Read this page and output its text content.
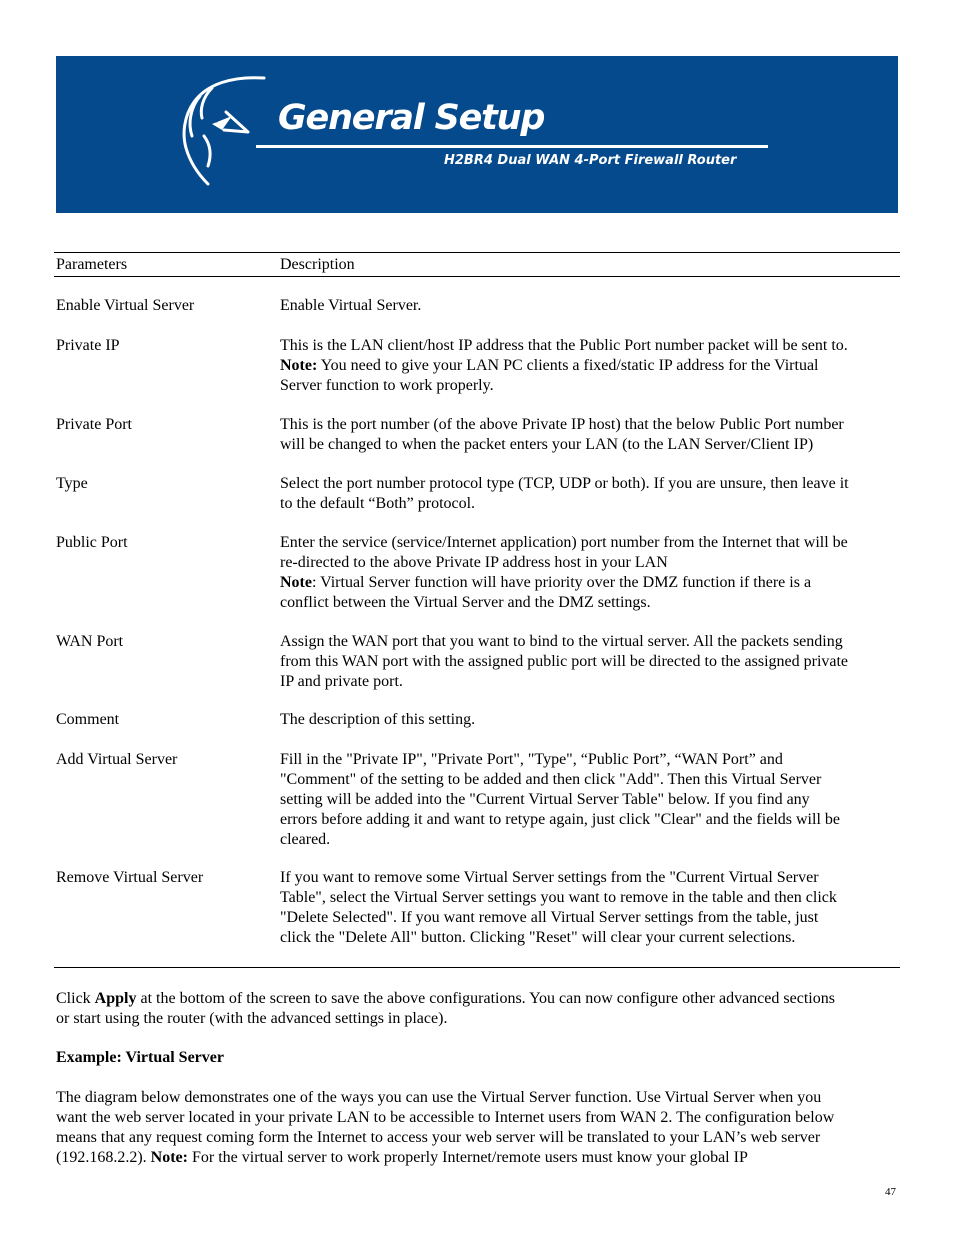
General Setup
H2BR4 Dual WAN 4-Port Firewall Router
Parameters	Description
Enable Virtual Server	Enable Virtual Server.
Private IP	This is the LAN client/host IP address that the Public Port number packet will be sent to.
Note: You need to give your LAN PC clients a fixed/static IP address for the Virtual
Server function to work properly.
Private Port	This is the port number (of the above Private IP host) that the below Public Port number
will be changed to when the packet enters your LAN (to the LAN Server/Client IP)
Type	Select the port number protocol type (TCP, UDP or both). If you are unsure, then leave it
to the default “Both” protocol.
Public Port	Enter the service (service/Internet application) port number from the Internet that will be
re-directed to the above Private IP address host in your LAN
Note: Virtual Server function will have priority over the DMZ function if there is a
conflict between the Virtual Server and the DMZ settings.
WAN Port	Assign the WAN port that you want to bind to the virtual server. All the packets sending
from this WAN port with the assigned public port will be directed to the assigned private
IP and private port.
Comment	The description of this setting.
Add Virtual Server	Fill in the "Private IP", "Private Port", "Type", “Public Port”, “WAN Port” and
"Comment" of the setting to be added and then click "Add". Then this Virtual Server
setting will be added into the "Current Virtual Server Table" below. If you find any
errors before adding it and want to retype again, just click "Clear" and the fields will be
cleared.
Remove Virtual Server	If you want to remove some Virtual Server settings from the "Current Virtual Server
Table", select the Virtual Server settings you want to remove in the table and then click
"Delete Selected". If you want remove all Virtual Server settings from the table, just
click the "Delete All" button. Clicking "Reset" will clear your current selections.
Click Apply at the bottom of the screen to save the above configurations. You can now configure other advanced sections
or start using the router (with the advanced settings in place).
Example: Virtual Server
The diagram below demonstrates one of the ways you can use the Virtual Server function. Use Virtual Server when you
want the web server located in your private LAN to be accessible to Internet users from WAN 2. The configuration below
means that any request coming form the Internet to access your web server will be translated to your LAN’s web server
(192.168.2.2). Note: For the virtual server to work properly Internet/remote users must know your global IP
47
